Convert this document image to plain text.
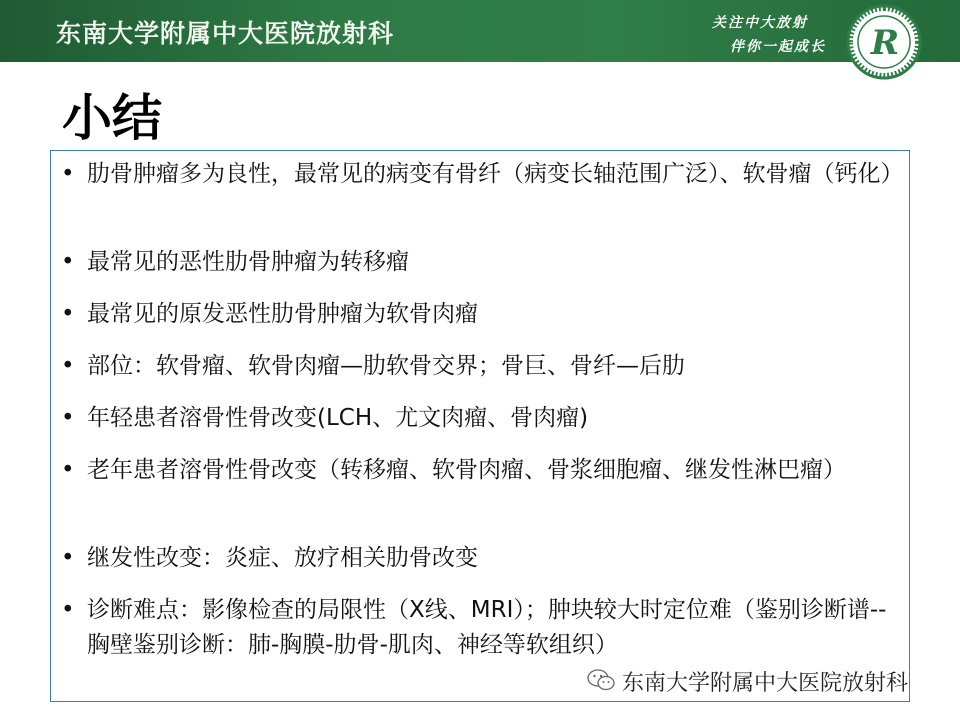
东南大学附属中大医院放射科	关注中大放射
伴你一起成长 R
小结
• 肋骨肿瘤多为良性，最常见的病变有骨纤（病变长轴范围广泛）、软骨瘤（钙化）
• 最常见的恶性肋骨肿瘤为转移瘤
• 最常见的原发恶性肋骨肿瘤为软骨肉瘤
• 部位：软骨瘤、软骨肉瘤—肋软骨交界；骨巨、骨纤—后肋
• 年轻患者溶骨性骨改变(LCH、尤文肉瘤、骨肉瘤)
• 老年患者溶骨性骨改变（转移瘤、软骨肉瘤、骨浆细胞瘤、继发性淋巴瘤）
• 继发性改变：炎症、放疗相关肋骨改变
• 诊断难点：影像检查的局限性（X线、MRI）；肿块较大时定位难（鉴别诊断谱--胸壁鉴别诊断：肺-胸膜-肋骨-肌肉、神经等软组织）
东南大学附属中大医院放射科
